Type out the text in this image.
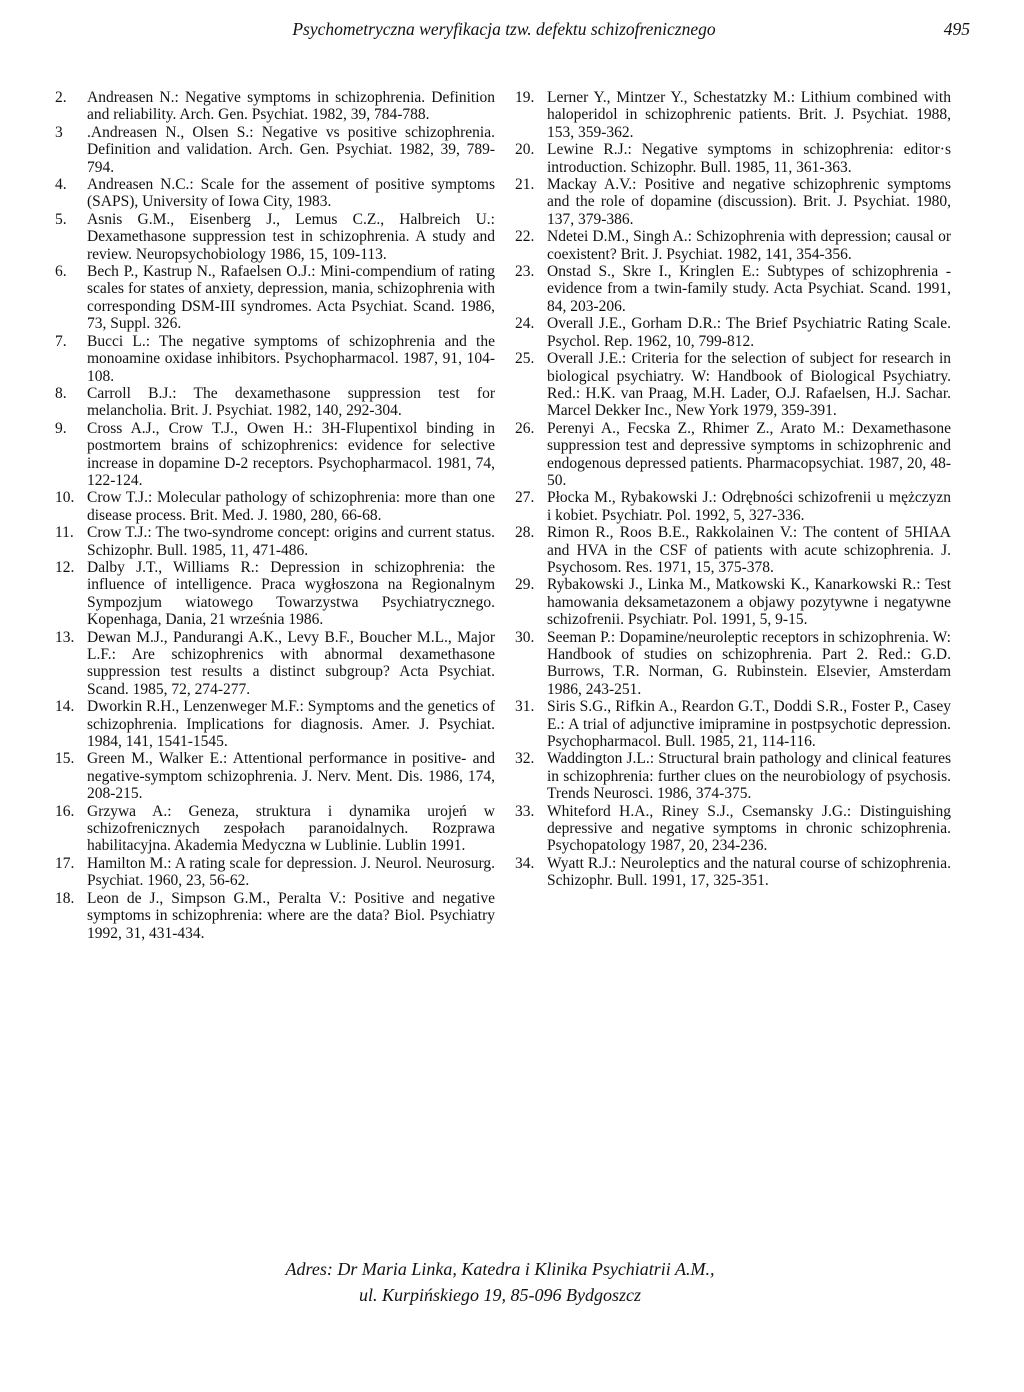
Psychometryczna weryfikacja tzw. defektu schizofrenicznego	495
2.	Andreasen N.: Negative symptoms in schizophrenia. Definition and reliability. Arch. Gen. Psychiat. 1982, 39, 784-788.
3	.Andreasen N., Olsen S.: Negative vs positive schizophrenia. Definition and validation. Arch. Gen. Psychiat. 1982, 39, 789-794.
4.	Andreasen N.C.: Scale for the assement of positive symptoms (SAPS), University of Iowa City, 1983.
5.	Asnis G.M., Eisenberg J., Lemus C.Z., Halbreich U.: Dexamethasone suppression test in schizophrenia. A study and review. Neuropsychobiology 1986, 15, 109-113.
6.	Bech P., Kastrup N., Rafaelsen O.J.: Mini-compendium of rating scales for states of anxiety, depression, mania, schizophrenia with corresponding DSM-III syndromes. Acta Psychiat. Scand. 1986, 73, Suppl. 326.
7.	Bucci L.: The negative symptoms of schizophrenia and the monoamine oxidase inhibitors. Psychopharmacol. 1987, 91, 104-108.
8.	Carroll B.J.: The dexamethasone suppression test for melancholia. Brit. J. Psychiat. 1982, 140, 292-304.
9.	Cross A.J., Crow T.J., Owen H.: 3H-Flupentixol binding in postmortem brains of schizophrenics: evidence for selective increase in dopamine D-2 receptors. Psychopharmacol. 1981, 74, 122-124.
10. Crow T.J.: Molecular pathology of schizophrenia: more than one disease process. Brit. Med. J. 1980, 280, 66-68.
11. Crow T.J.: The two-syndrome concept: origins and current status. Schizophr. Bull. 1985, 11, 471-486.
12. Dalby J.T., Williams R.: Depression in schizophrenia: the influence of intelligence. Praca wygłoszona na Regionalnym Sympozjum wiatowego Towarzystwa Psychiatrycznego. Kopenhaga, Dania, 21 września 1986.
13. Dewan M.J., Pandurangi A.K., Levy B.F., Boucher M.L., Major L.F.: Are schizophrenics with abnormal dexamethasone suppression test results a distinct subgroup? Acta Psychiat. Scand. 1985, 72, 274-277.
14. Dworkin R.H., Lenzenweger M.F.: Symptoms and the genetics of schizophrenia. Implications for diagnosis. Amer. J. Psychiat. 1984, 141, 1541-1545.
15. Green M., Walker E.: Attentional performance in positive- and negative-symptom schizophrenia. J. Nerv. Ment. Dis. 1986, 174, 208-215.
16. Grzywa A.: Geneza, struktura i dynamika urojeń w schizofrenicznych zespołach paranoidalnych. Rozprawa habilitacyjna. Akademia Medyczna w Lublinie. Lublin 1991.
17. Hamilton M.: A rating scale for depression. J. Neurol. Neurosurg. Psychiat. 1960, 23, 56-62.
18. Leon de J., Simpson G.M., Peralta V.: Positive and negative symptoms in schizophrenia: where are the data? Biol. Psychiatry 1992, 31, 431-434.
19. Lerner Y., Mintzer Y., Schestatzky M.: Lithium combined with haloperidol in schizophrenic patients. Brit. J. Psychiat. 1988, 153, 359-362.
20. Lewine R.J.: Negative symptoms in schizophrenia: editor·s introduction. Schizophr. Bull. 1985, 11, 361-363.
21. Mackay A.V.: Positive and negative schizophrenic symptoms and the role of dopamine (discussion). Brit. J. Psychiat. 1980, 137, 379-386.
22. Ndetei D.M., Singh A.: Schizophrenia with depression; causal or coexistent? Brit. J. Psychiat. 1982, 141, 354-356.
23. Onstad S., Skre I., Kringlen E.: Subtypes of schizophrenia - evidence from a twin-family study. Acta Psychiat. Scand. 1991, 84, 203-206.
24. Overall J.E., Gorham D.R.: The Brief Psychiatric Rating Scale. Psychol. Rep. 1962, 10, 799-812.
25. Overall J.E.: Criteria for the selection of subject for research in biological psychiatry. W: Handbook of Biological Psychiatry. Red.: H.K. van Praag, M.H. Lader, O.J. Rafaelsen, H.J. Sachar. Marcel Dekker Inc., New York 1979, 359-391.
26. Perenyi A., Fecska Z., Rhimer Z., Arato M.: Dexamethasone suppression test and depressive symptoms in schizophrenic and endogenous depressed patients. Pharmacopsychiat. 1987, 20, 48-50.
27. Płocka M., Rybakowski J.: Odrębności schizofrenii u mężczyzn i kobiet. Psychiatr. Pol. 1992, 5, 327-336.
28. Rimon R., Roos B.E., Rakkolainen V.: The content of 5HIAA and HVA in the CSF of patients with acute schizophrenia. J. Psychosom. Res. 1971, 15, 375-378.
29. Rybakowski J., Linka M., Matkowski K., Kanarkowski R.: Test hamowania deksametazonem a objawy pozytywne i negatywne schizofrenii. Psychiatr. Pol. 1991, 5, 9-15.
30. Seeman P.: Dopamine/neuroleptic receptors in schizophrenia. W: Handbook of studies on schizophrenia. Part 2. Red.: G.D. Burrows, T.R. Norman, G. Rubinstein. Elsevier, Amsterdam 1986, 243-251.
31. Siris S.G., Rifkin A., Reardon G.T., Doddi S.R., Foster P., Casey E.: A trial of adjunctive imipramine in postpsychotic depression. Psychopharmacol. Bull. 1985, 21, 114-116.
32. Waddington J.L.: Structural brain pathology and clinical features in schizophrenia: further clues on the neurobiology of psychosis. Trends Neurosci. 1986, 374-375.
33. Whiteford H.A., Riney S.J., Csemansky J.G.: Distinguishing depressive and negative symptoms in chronic schizophrenia. Psychopatology 1987, 20, 234-236.
34. Wyatt R.J.: Neuroleptics and the natural course of schizophrenia. Schizophr. Bull. 1991, 17, 325-351.
Adres: Dr Maria Linka, Katedra i Klinika Psychiatrii A.M.,
ul. Kurpińskiego 19, 85-096 Bydgoszcz
